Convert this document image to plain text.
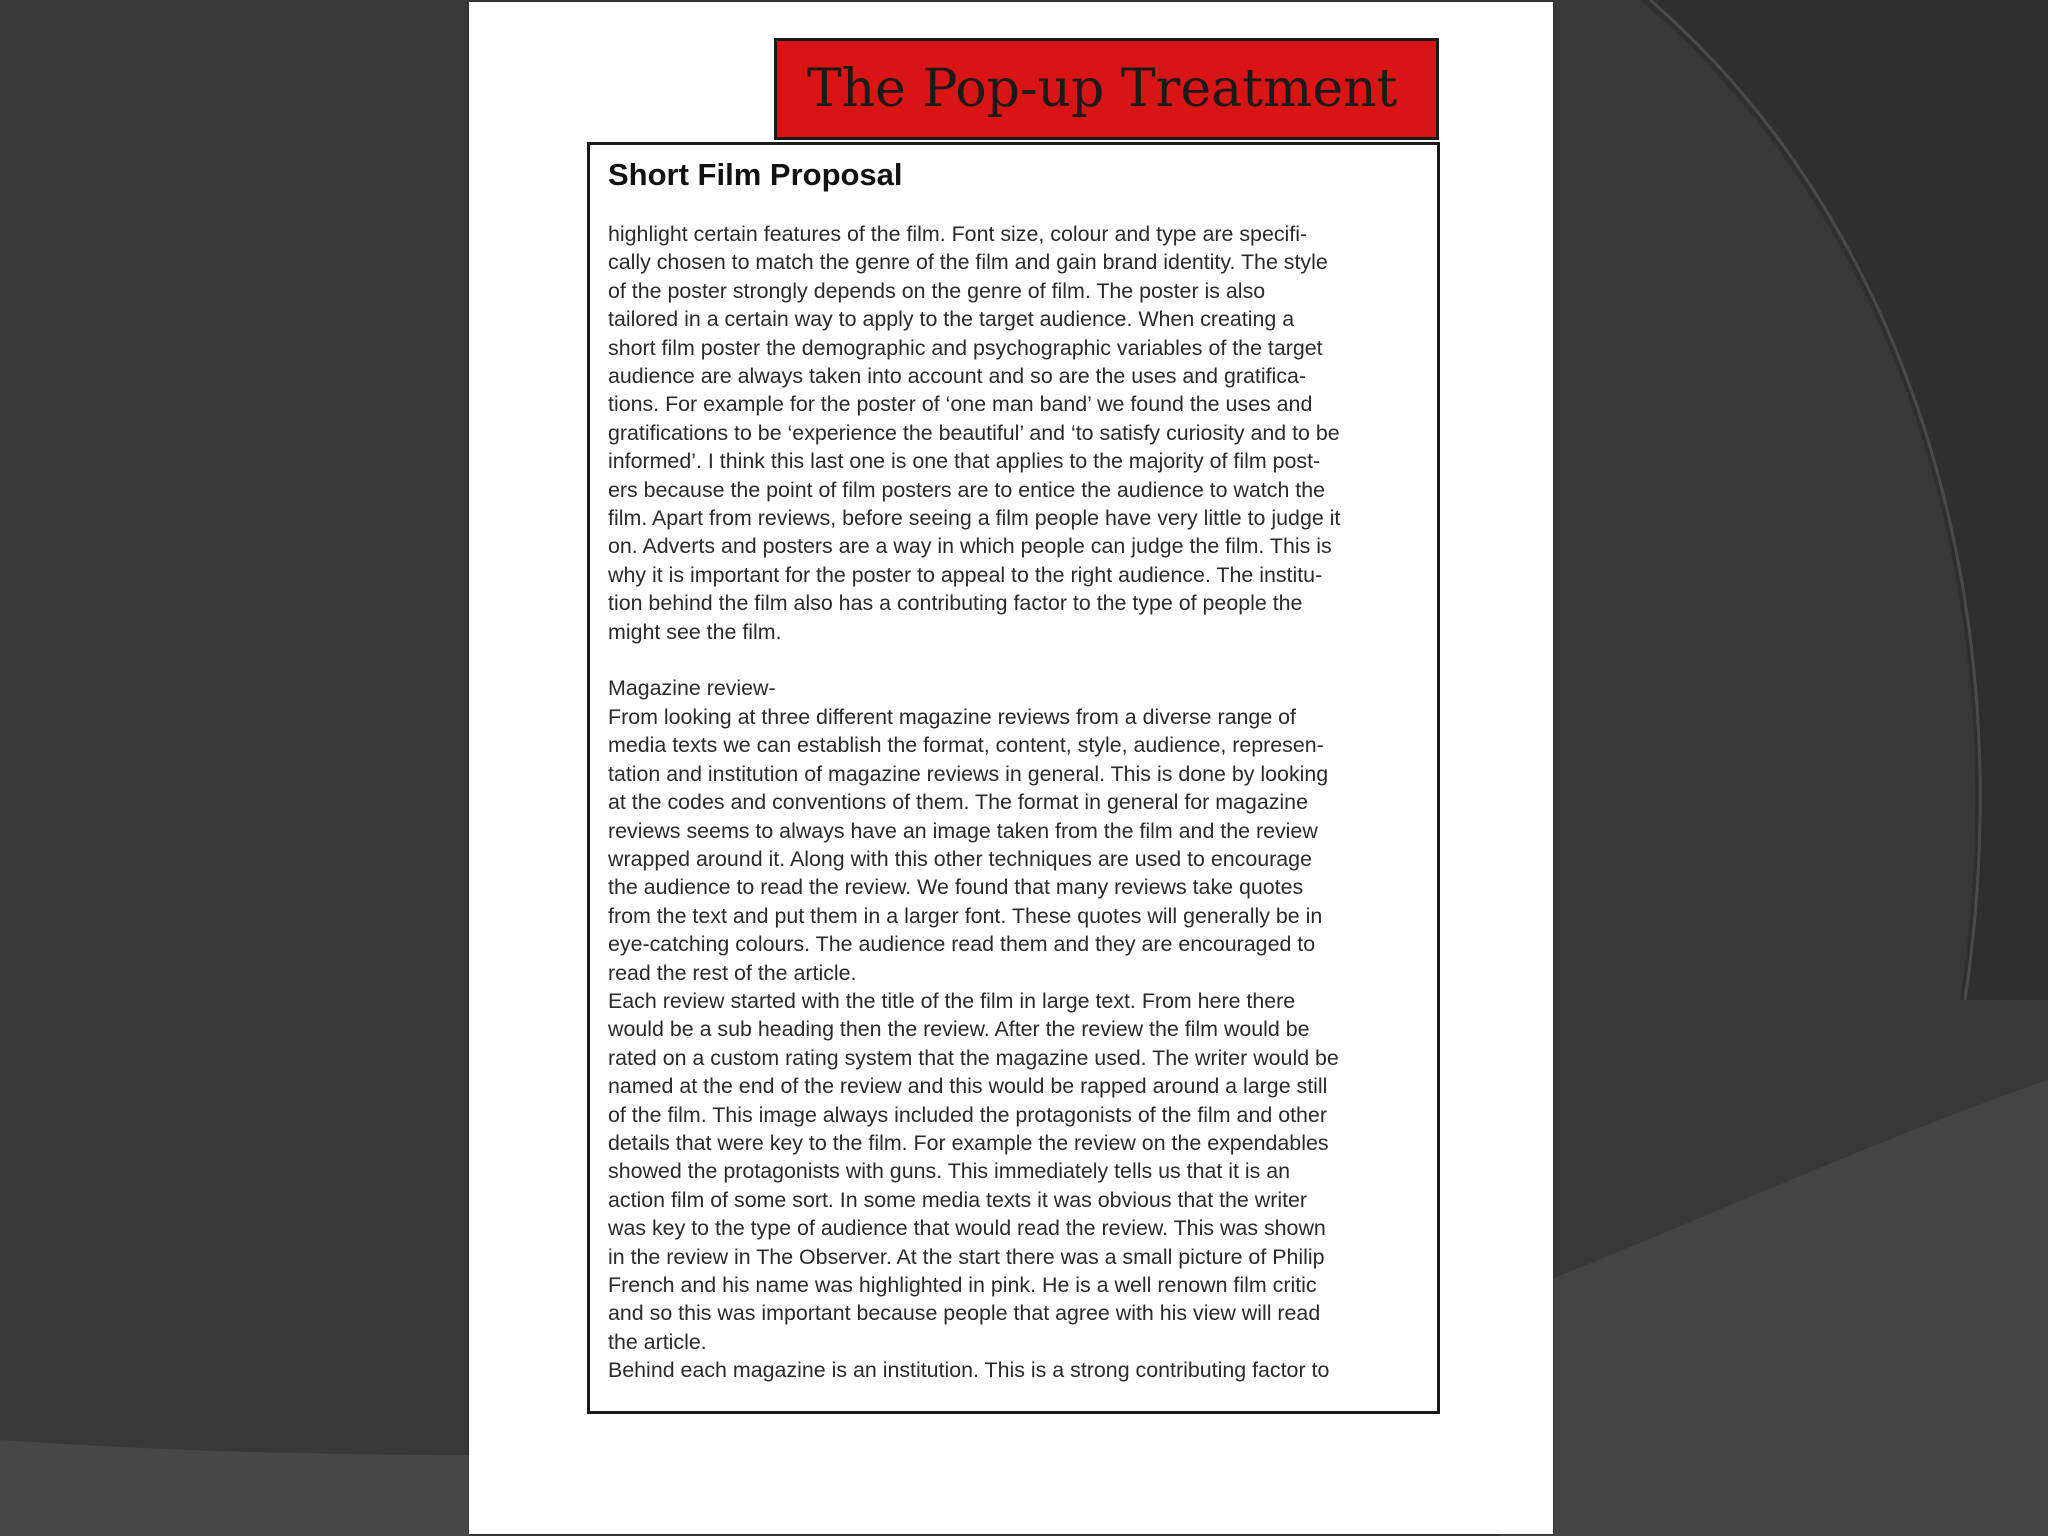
The Pop-up Treatment
Short Film Proposal
highlight certain features of the film. Font size, colour and type are specifi-
cally chosen to match the genre of the film and gain brand identity. The style
of the poster strongly depends on the genre of film. The poster is also
tailored in a certain way to apply to the target audience. When creating a
short film poster the demographic and psychographic variables of the target
audience are always taken into account and so are the uses and gratifica-
tions. For example for the poster of ‘one man band’ we found the uses and
gratifications to be ‘experience the beautiful’ and ‘to satisfy curiosity and to be
informed’. I think this last one is one that applies to the majority of film post-
ers because the point of film posters are to entice the audience to watch the
film. Apart from reviews, before seeing a film people have very little to judge it
on. Adverts and posters are a way in which people can judge the film. This is
why it is important for the poster to appeal to the right audience. The institu-
tion behind the film also has a contributing factor to the type of people the
might see the film.
Magazine review-
From looking at three different magazine reviews from a diverse range of
media texts we can establish the format, content, style, audience, represen-
tation and institution of magazine reviews in general. This is done by looking
at the codes and conventions of them. The format in general for magazine
reviews seems to always have an image taken from the film and the review
wrapped around it. Along with this other techniques are used to encourage
the audience to read the review. We found that many reviews take quotes
from the text and put them in a larger font. These quotes will generally be in
eye-catching colours. The audience read them and they are encouraged to
read the rest of the article.
Each review started with the title of the film in large text. From here there
would be a sub heading then the review. After the review the film would be
rated on a custom rating system that the magazine used. The writer would be
named at the end of the review and this would be rapped around a large still
of the film. This image always included the protagonists of the film and other
details that were key to the film. For example the review on the expendables
showed the protagonists with guns. This immediately tells us that it is an
action film of some sort. In some media texts it was obvious that the writer
was key to the type of audience that would read the review. This was shown
in the review in The Observer. At the start there was a small picture of Philip
French and his name was highlighted in pink. He is a well renown film critic
and so this was important because people that agree with his view will read
the article.
Behind each magazine is an institution. This is a strong contributing factor to
